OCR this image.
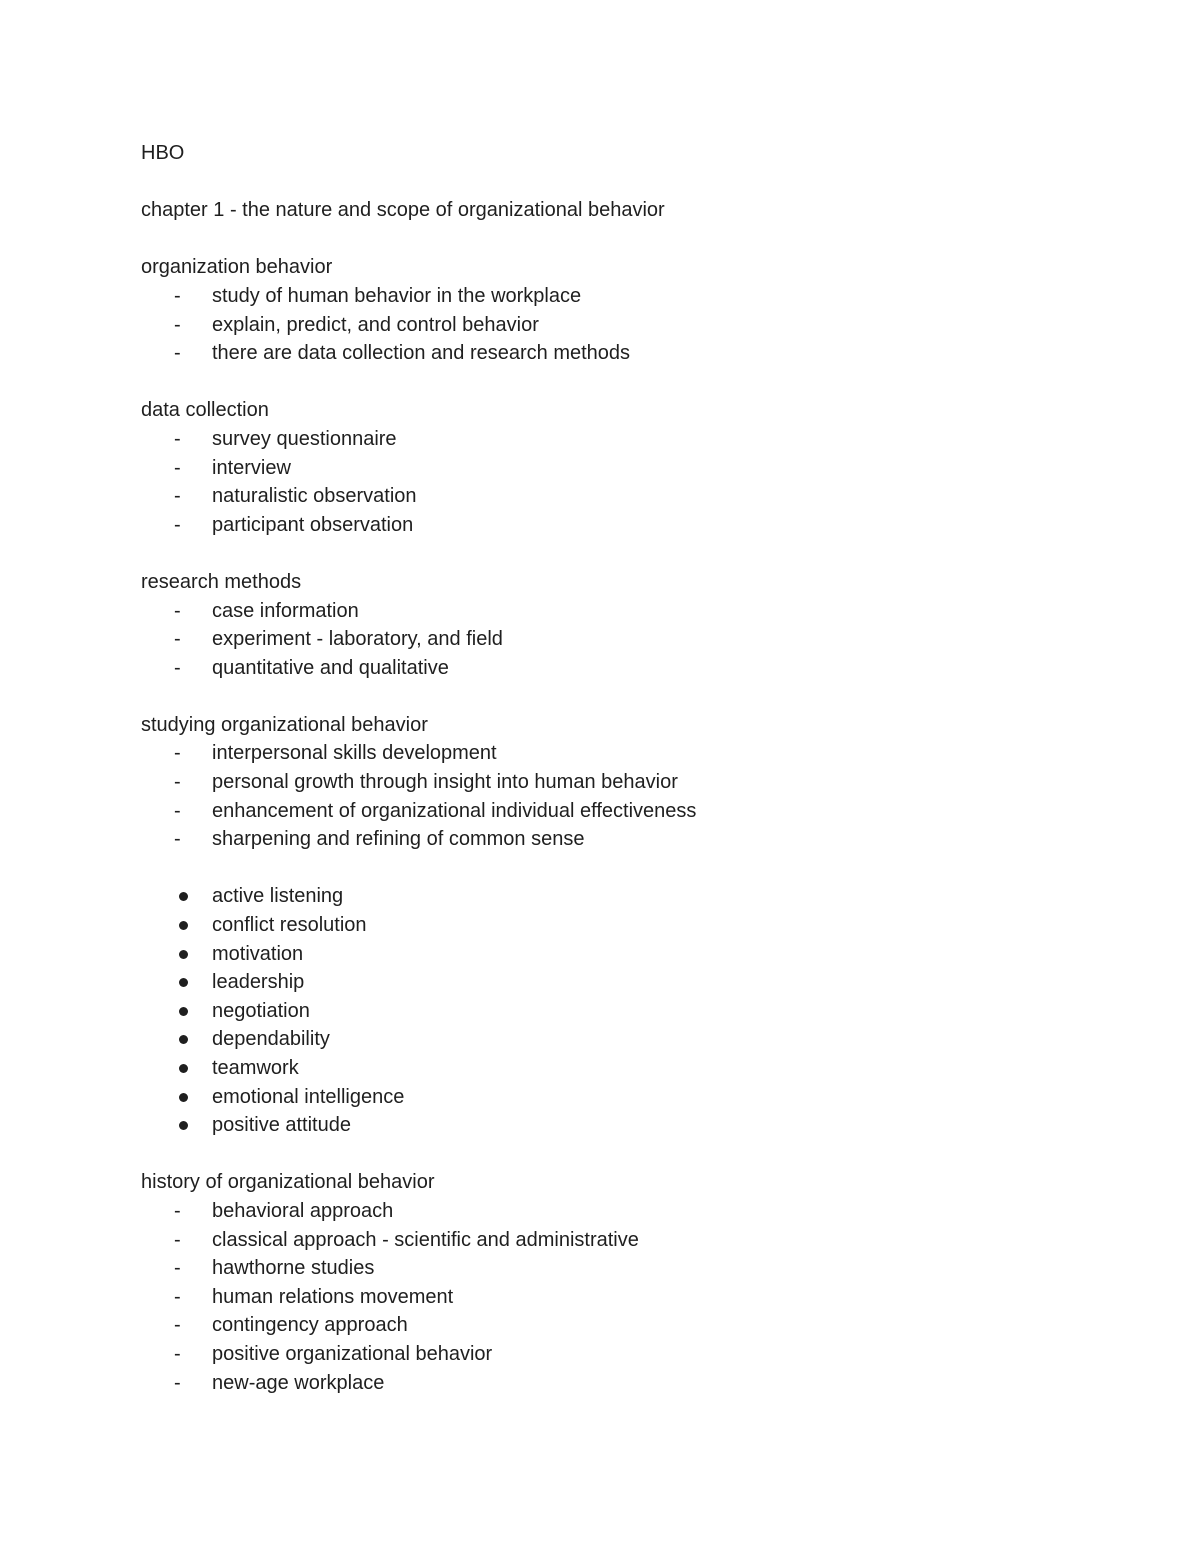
HBO
chapter 1 - the nature and scope of organizational behavior
organization behavior
- study of human behavior in the workplace
- explain, predict, and control behavior
- there are data collection and research methods
data collection
- survey questionnaire
- interview
- naturalistic observation
- participant observation
research methods
- case information
- experiment - laboratory, and field
- quantitative and qualitative
studying organizational behavior
- interpersonal skills development
- personal growth through insight into human behavior
- enhancement of organizational individual effectiveness
- sharpening and refining of common sense
active listening
conflict resolution
motivation
leadership
negotiation
dependability
teamwork
emotional intelligence
positive attitude
history of organizational behavior
- behavioral approach
- classical approach - scientific and administrative
- hawthorne studies
- human relations movement
- contingency approach
- positive organizational behavior
- new-age workplace
